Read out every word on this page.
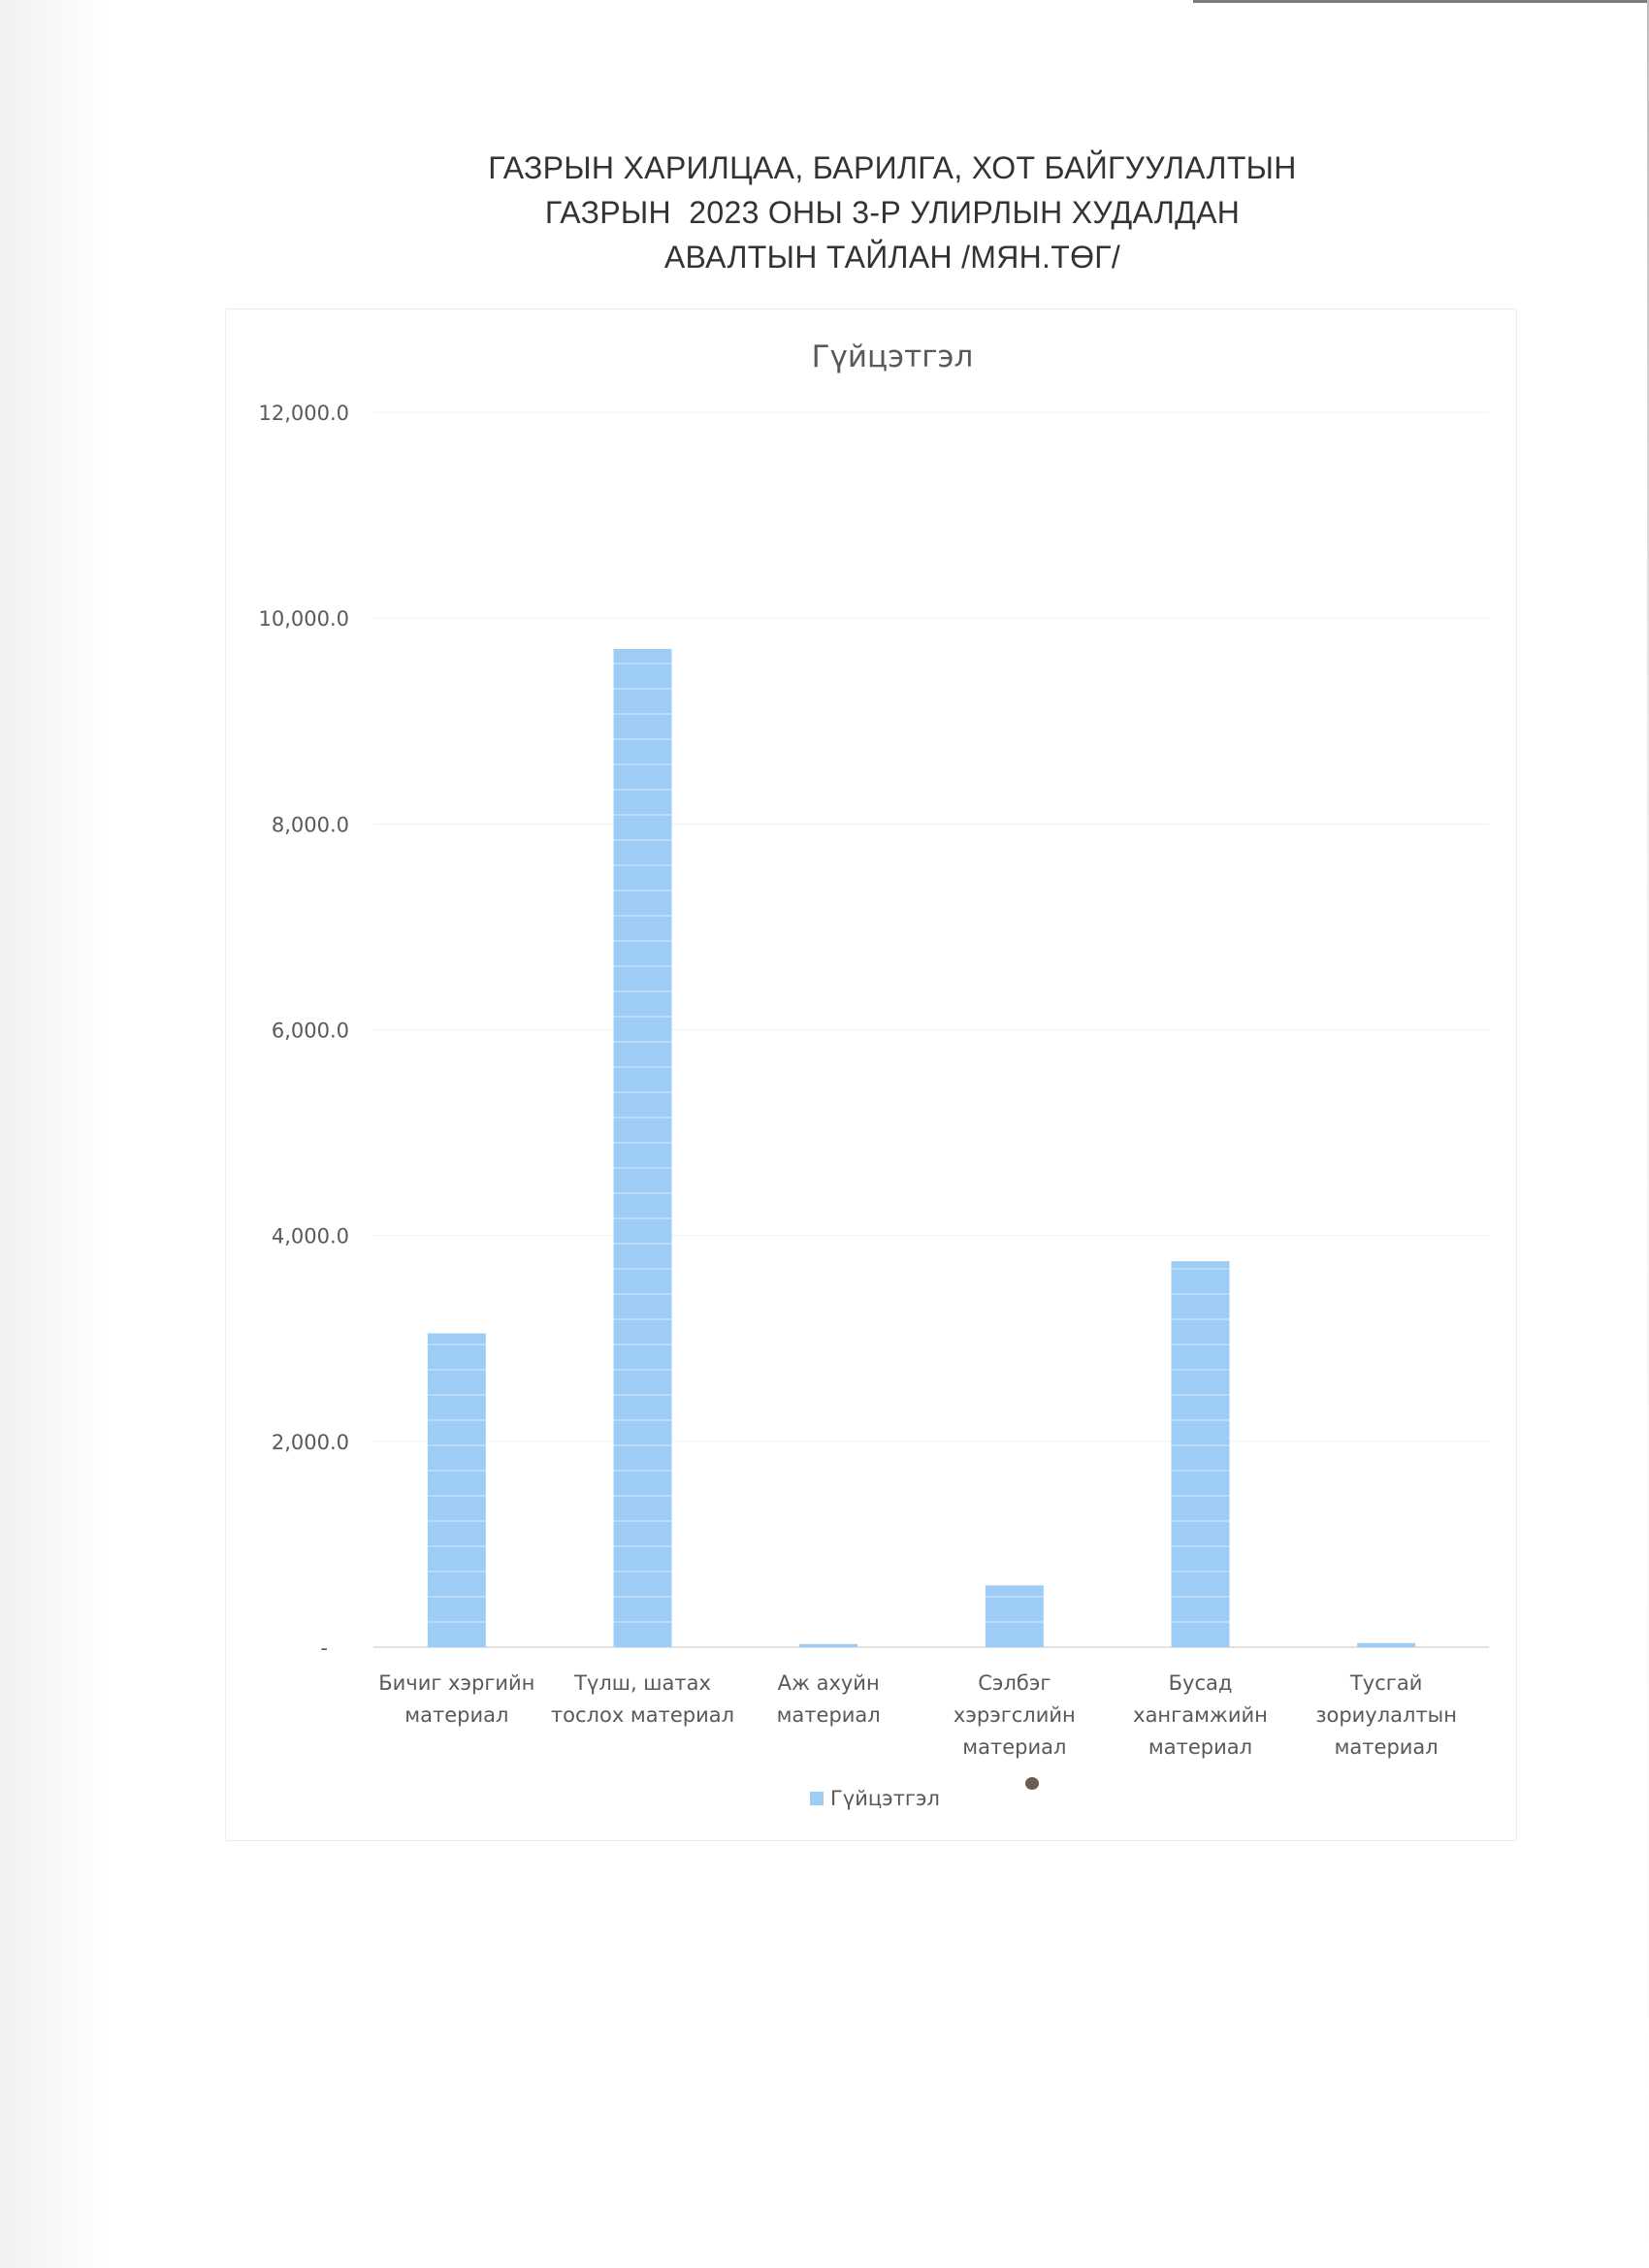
ГАЗРЫН ХАРИЛЦАА, БАРИЛГА, ХОТ БАЙГУУЛАЛТЫН
ГАЗРЫН  2023 ОНЫ 3-Р УЛИРЛЫН ХУДАЛДАН
АВАЛТЫН ТАЙЛАН /МЯН.ТӨГ/
Гүйцэтгэл
-
2,000.0
4,000.0
6,000.0
8,000.0
10,000.0
12,000.0
Бичиг хэргийн
материал
Түлш, шатах
тослох материал
Аж ахуйн
материал
Сэлбэг
хэрэгслийн
материал
Бусад
хангамжийн
материал
Тусгай
зориулалтын
материал
Гүйцэтгэл
